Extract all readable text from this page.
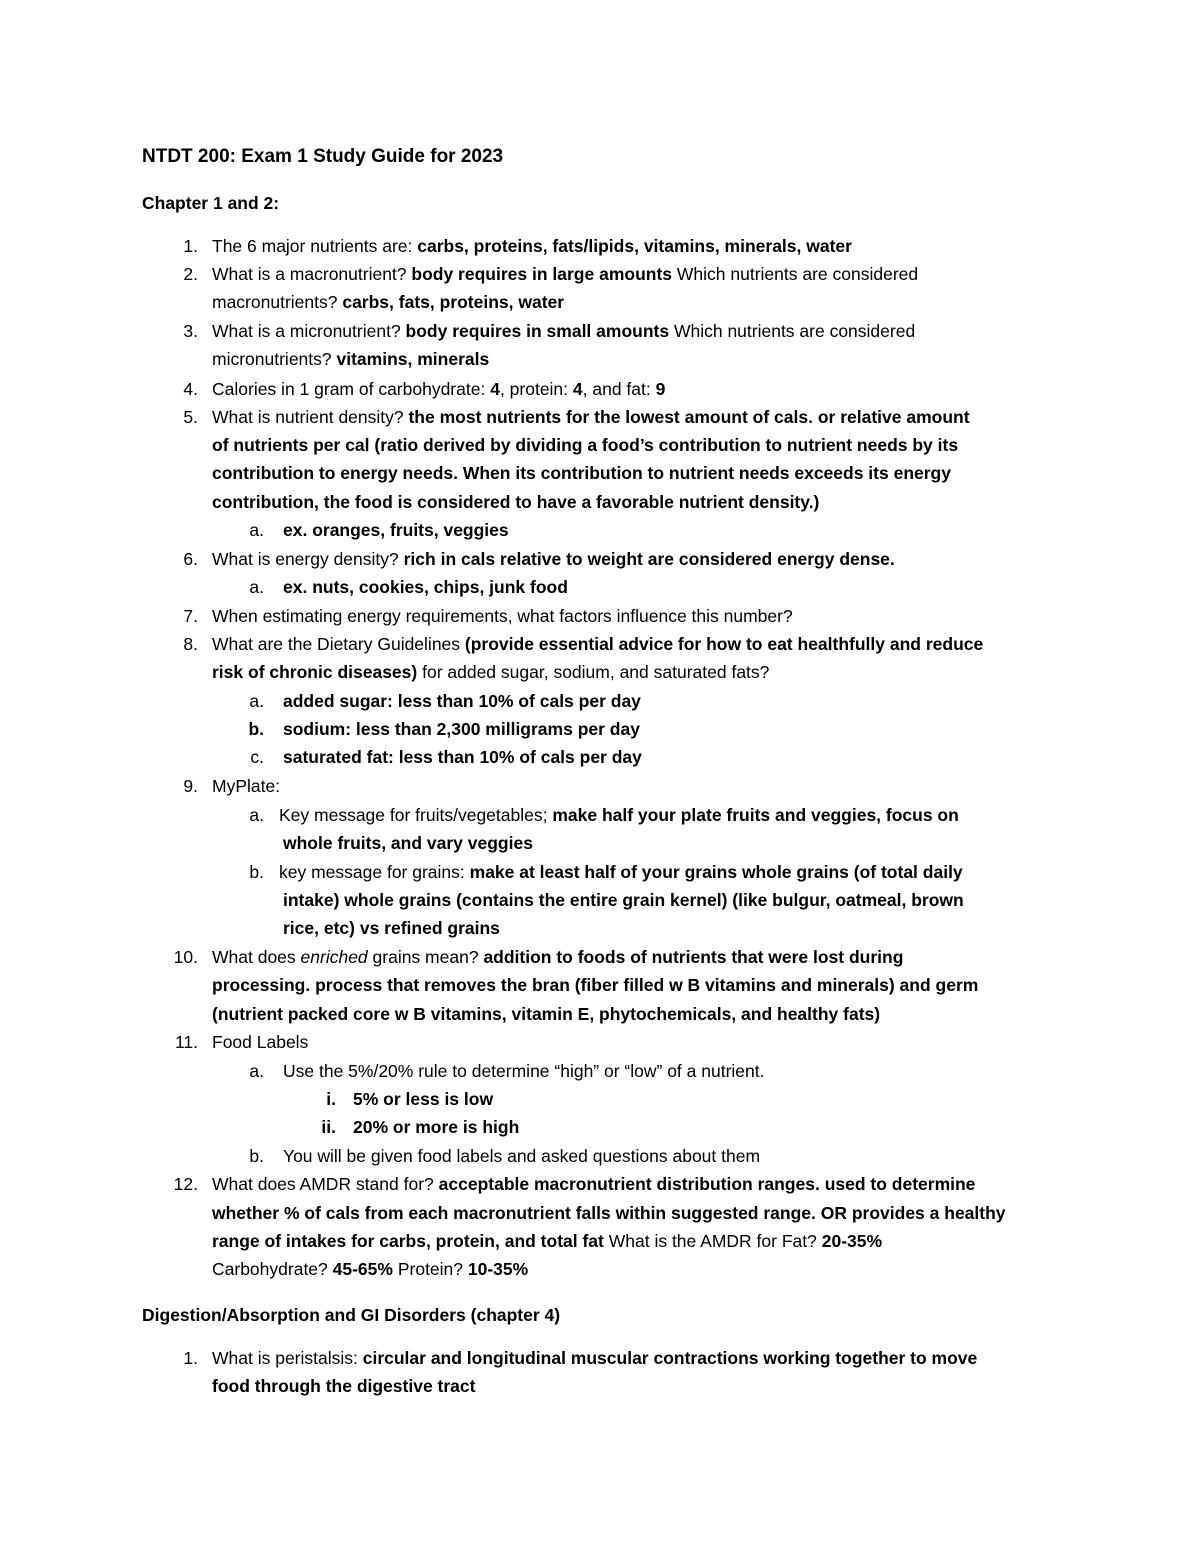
NTDT 200: Exam 1 Study Guide for 2023
Chapter 1 and 2:
1. The 6 major nutrients are: carbs, proteins, fats/lipids, vitamins, minerals, water
2. What is a macronutrient? body requires in large amounts Which nutrients are considered
macronutrients? carbs, fats, proteins, water
3. What is a micronutrient? body requires in small amounts Which nutrients are considered
micronutrients? vitamins, minerals
4. Calories in 1 gram of carbohydrate: 4, protein: 4, and fat: 9
5. What is nutrient density? the most nutrients for the lowest amount of cals. or relative amount
of nutrients per cal (ratio derived by dividing a food’s contribution to nutrient needs by its
contribution to energy needs. When its contribution to nutrient needs exceeds its energy
contribution, the food is considered to have a favorable nutrient density.)
a. ex. oranges, fruits, veggies
6. What is energy density? rich in cals relative to weight are considered energy dense.
a. ex. nuts, cookies, chips, junk food
7. When estimating energy requirements, what factors influence this number?
8. What are the Dietary Guidelines (provide essential advice for how to eat healthfully and reduce
risk of chronic diseases) for added sugar, sodium, and saturated fats?
a. added sugar: less than 10% of cals per day
b. sodium: less than 2,300 milligrams per day
c. saturated fat: less than 10% of cals per day
9. MyPlate:
a. Key message for fruits/vegetables; make half your plate fruits and veggies, focus on
whole fruits, and vary veggies
b. key message for grains: make at least half of your grains whole grains (of total daily
intake) whole grains (contains the entire grain kernel) (like bulgur, oatmeal, brown
rice, etc) vs refined grains
10. What does enriched grains mean? addition to foods of nutrients that were lost during
processing. process that removes the bran (fiber filled w B vitamins and minerals) and germ
(nutrient packed core w B vitamins, vitamin E, phytochemicals, and healthy fats)
11. Food Labels
a. Use the 5%/20% rule to determine “high” or “low” of a nutrient.
i. 5% or less is low
ii. 20% or more is high
b. You will be given food labels and asked questions about them
12. What does AMDR stand for? acceptable macronutrient distribution ranges. used to determine
whether % of cals from each macronutrient falls within suggested range. OR provides a healthy
range of intakes for carbs, protein, and total fat What is the AMDR for Fat? 20-35%
Carbohydrate? 45-65% Protein? 10-35%
Digestion/Absorption and GI Disorders (chapter 4)
1. What is peristalsis: circular and longitudinal muscular contractions working together to move
food through the digestive tract
